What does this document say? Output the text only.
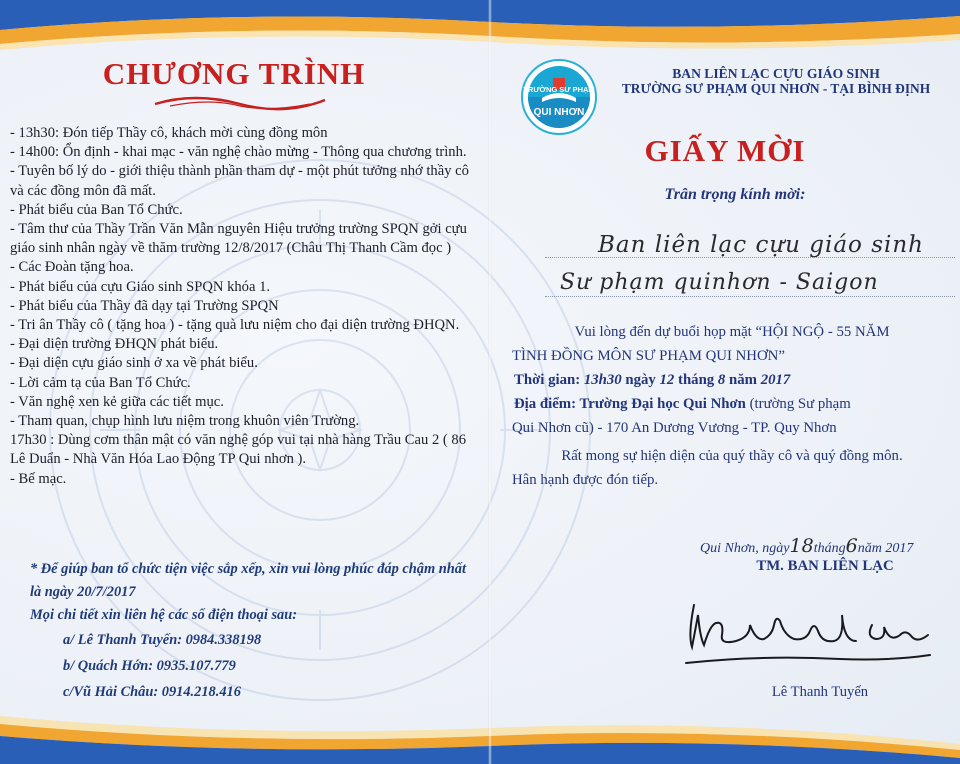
CHƯƠNG TRÌNH
- 13h30: Đón tiếp Thầy cô, khách mời cùng đồng môn
- 14h00: Ổn định - khai mạc - văn nghệ chào mừng - Thông qua chương trình.
- Tuyên bố lý do - giới thiệu thành phần tham dự - một phút tưởng nhớ thầy cô và các đồng môn đã mất.
- Phát biểu của Ban Tổ Chức.
- Tâm thư của Thầy Trần Văn Mẫn nguyên Hiệu trưởng trường SPQN gởi cựu giáo sinh nhân ngày về thăm trường 12/8/2017 (Châu Thị Thanh Cầm đọc )
- Các Đoàn tặng hoa.
- Phát biểu của cựu Giáo sinh SPQN khóa 1.
- Phát biểu của Thầy đã dạy tại Trường SPQN
- Tri ân Thầy cô ( tặng hoa ) - tặng quà lưu niệm cho đại diện trường ĐHQN.
- Đại diện trường ĐHQN phát biểu.
- Đại diện cựu giáo sinh ở xa về phát biểu.
- Lời cảm tạ của Ban Tổ Chức.
- Văn nghệ xen kẻ giữa các tiết mục.
- Tham quan, chụp hình lưu niệm trong khuôn viên Trường.
17h30 : Dùng cơm thân mật có văn nghệ góp vui tại nhà hàng Trầu Cau 2 ( 86 Lê Duẩn - Nhà Văn Hóa Lao Động TP Qui nhơn ).
- Bế mạc.
* Để giúp ban tổ chức tiện việc sắp xếp, xin vui lòng phúc đáp chậm nhất là ngày 20/7/2017
Mọi chi tiết xin liên hệ các số điện thoại sau:
a/ Lê Thanh Tuyến: 0984.338198
b/ Quách Hớn: 0935.107.779
c/Vũ Hải Châu: 0914.218.416
TRƯỜNG SƯ PHẠM
QUI NHƠN
BAN LIÊN LẠC CỰU GIÁO SINH
TRƯỜNG SƯ PHẠM QUI NHƠN - TẠI BÌNH ĐỊNH
GIẤY MỜI
Trân trọng kính mời:
Ban liên lạc cựu giáo sinh
Sư phạm quinhơn - Saigon
Vui lòng đến dự buổi họp mặt “HỘI NGỘ - 55 NĂM
TÌNH ĐỒNG MÔN SƯ PHẠM QUI NHƠN”
Thời gian: 13h30 ngày 12 tháng 8 năm 2017
Địa điểm: Trường Đại học Qui Nhơn (trường Sư phạm
Qui Nhơn cũ) - 170 An Dương Vương - TP. Quy Nhơn
Rất mong sự hiện diện của quý thầy cô và quý đồng môn.
Hân hạnh được đón tiếp.
Qui Nhơn, ngày18tháng6năm 2017
TM. BAN LIÊN LẠC
Lê Thanh Tuyến
